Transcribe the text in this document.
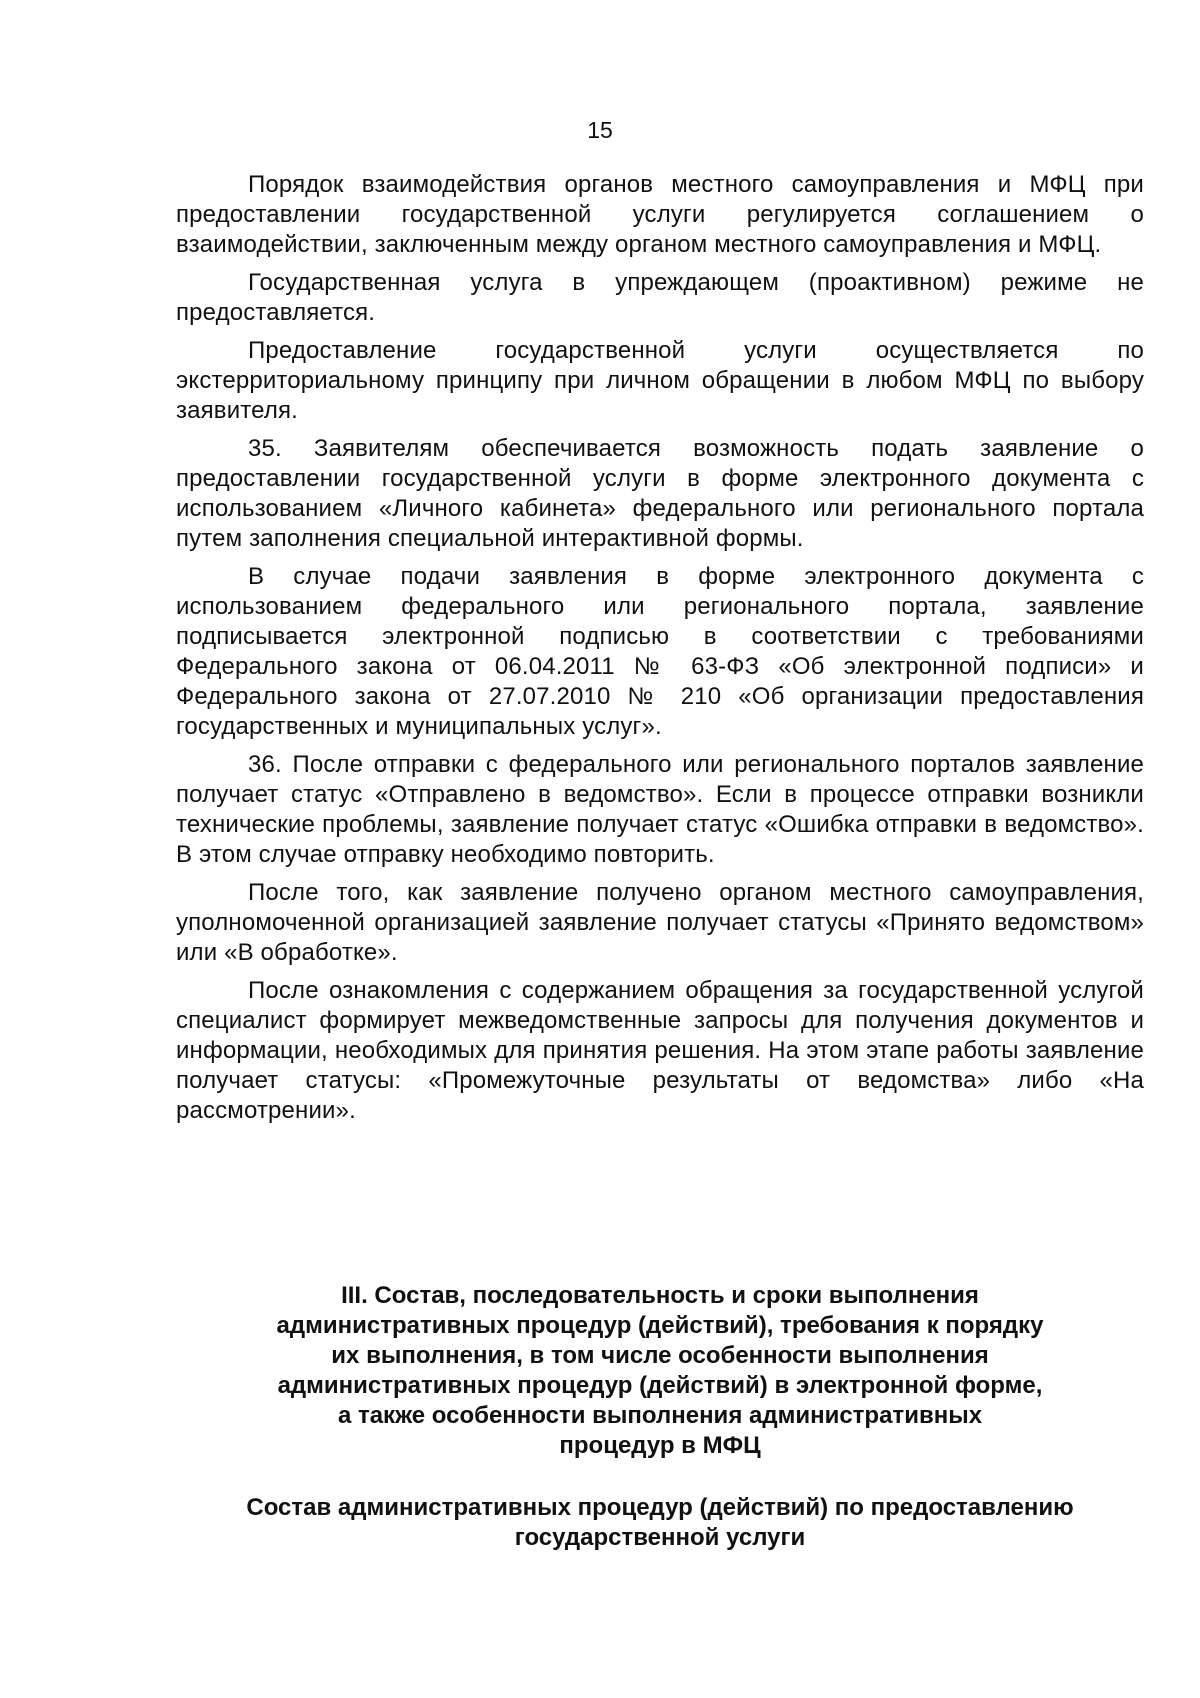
15

Порядок взаимодействия органов местного самоуправления и МФЦ при предоставлении государственной услуги регулируется соглашением о взаимодействии, заключенным между органом местного самоуправления и МФЦ.

Государственная услуга в упреждающем (проактивном) режиме не предоставляется.

Предоставление государственной услуги осуществляется по экстерриториальному принципу при личном обращении в любом МФЦ по выбору заявителя.

35. Заявителям обеспечивается возможность подать заявление о предоставлении государственной услуги в форме электронного документа с использованием «Личного кабинета» федерального или регионального портала путем заполнения специальной интерактивной формы.

В случае подачи заявления в форме электронного документа с использованием федерального или регионального портала, заявление подписывается электронной подписью в соответствии с требованиями Федерального закона от 06.04.2011 № 63-ФЗ «Об электронной подписи» и Федерального закона от 27.07.2010 № 210 «Об организации предоставления государственных и муниципальных услуг».

36. После отправки с федерального или регионального порталов заявление получает статус «Отправлено в ведомство». Если в процессе отправки возникли технические проблемы, заявление получает статус «Ошибка отправки в ведомство». В этом случае отправку необходимо повторить.

После того, как заявление получено органом местного самоуправления, уполномоченной организацией заявление получает статусы «Принято ведомством» или «В обработке».

После ознакомления с содержанием обращения за государственной услугой специалист формирует межведомственные запросы для получения документов и информации, необходимых для принятия решения. На этом этапе работы заявление получает статусы: «Промежуточные результаты от ведомства» либо «На рассмотрении».

III. Состав, последовательность и сроки выполнения
административных процедур (действий), требования к порядку
их выполнения, в том числе особенности выполнения
административных процедур (действий) в электронной форме,
а также особенности выполнения административных
процедур в МФЦ
Состав административных процедур (действий) по предоставлению
государственной услуги
